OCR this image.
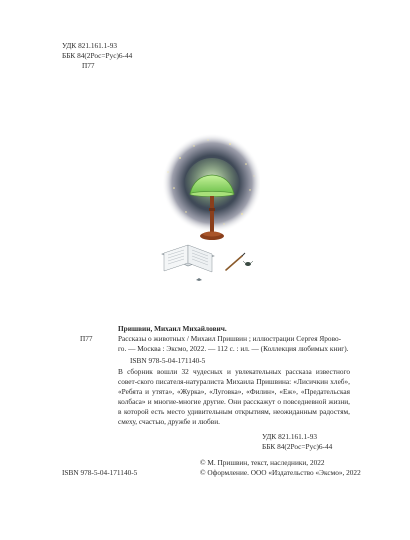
УДК 821.161.1-93
ББК 84(2Рос=Рус)6-44
П77
Пришвин, Михаил Михайлович.
П77	Рассказы о животных / Михаил Пришвин ; иллюстрации Сергея Ярово-
го. — Москва : Эксмо, 2022. — 112 с. : ил. — (Коллекция любимых книг).
ISBN 978-5-04-171140-5
В сборник вошли 32 чудесных и увлекательных рассказа известного совет-ского писателя-натуралиста Михаила Пришвина: «Лисичкин хлеб», «Ребята и утята», «Журка», «Луговка», «Филин», «Еж», «Предательская колбаса» и многие-многие другие. Они расскажут о повседневной жизни, в которой есть место удивительным открытиям, неожиданным радостям, смеху, счастью, дружбе и любви.
УДК 821.161.1-93
ББК 84(2Рос=Рус)6-44
ISBN 978-5-04-171140-5
© М. Пришвин, текст, наследники, 2022
© Оформление. ООО «Издательство «Эксмо», 2022
